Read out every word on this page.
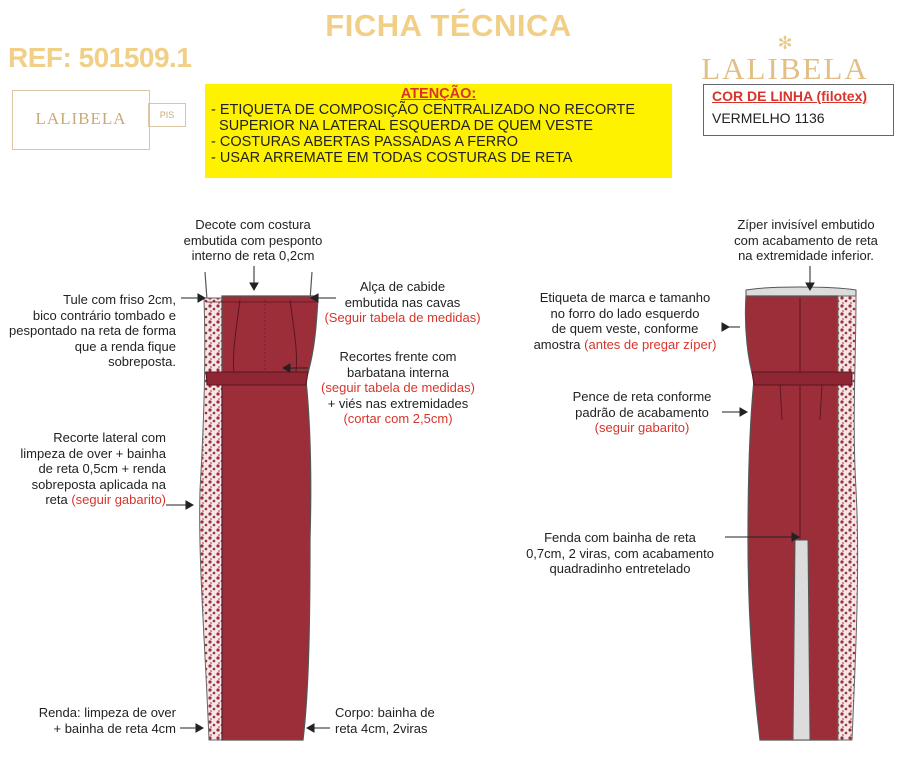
FICHA TÉCNICA
REF: 501509.1	✻
LALIBELA
LALIBELA	PIS
ATENÇÃO:
- ETIQUETA DE COMPOSIÇÃO CENTRALIZADO NO RECORTE
SUPERIOR NA LATERAL ESQUERDA DE QUEM VESTE
- COSTURAS ABERTAS PASSADAS A FERRO
- USAR ARREMATE EM TODAS COSTURAS DE RETA
COR DE LINHA (filotex)
VERMELHO 1136
Decote com costura
embutida com pesponto
interno de reta 0,2cm
Alça de cabide
embutida nas cavas
(Seguir tabela de medidas)
Tule com friso 2cm,
bico contrário tombado e
pespontado na reta de forma
que a renda fique sobreposta.	Recortes frente com
barbatana interna
(seguir tabela de medidas)
+ viés nas extremidades
(cortar com 2,5cm)
Recorte lateral com
limpeza de over + bainha
de reta 0,5cm + renda
sobreposta aplicada na
reta (seguir gabarito)
Renda: limpeza de over
+ bainha de reta 4cm
Corpo: bainha de
reta 4cm, 2viras
Zíper invisível embutido
com acabamento de reta
na extremidade inferior.
Etiqueta de marca e tamanho
no forro do lado esquerdo
de quem veste, conforme
amostra (antes de pregar zíper)
Pence de reta conforme
padrão de acabamento
(seguir gabarito)
Fenda com bainha de reta
0,7cm, 2 viras, com acabamento
quadradinho entretelado
